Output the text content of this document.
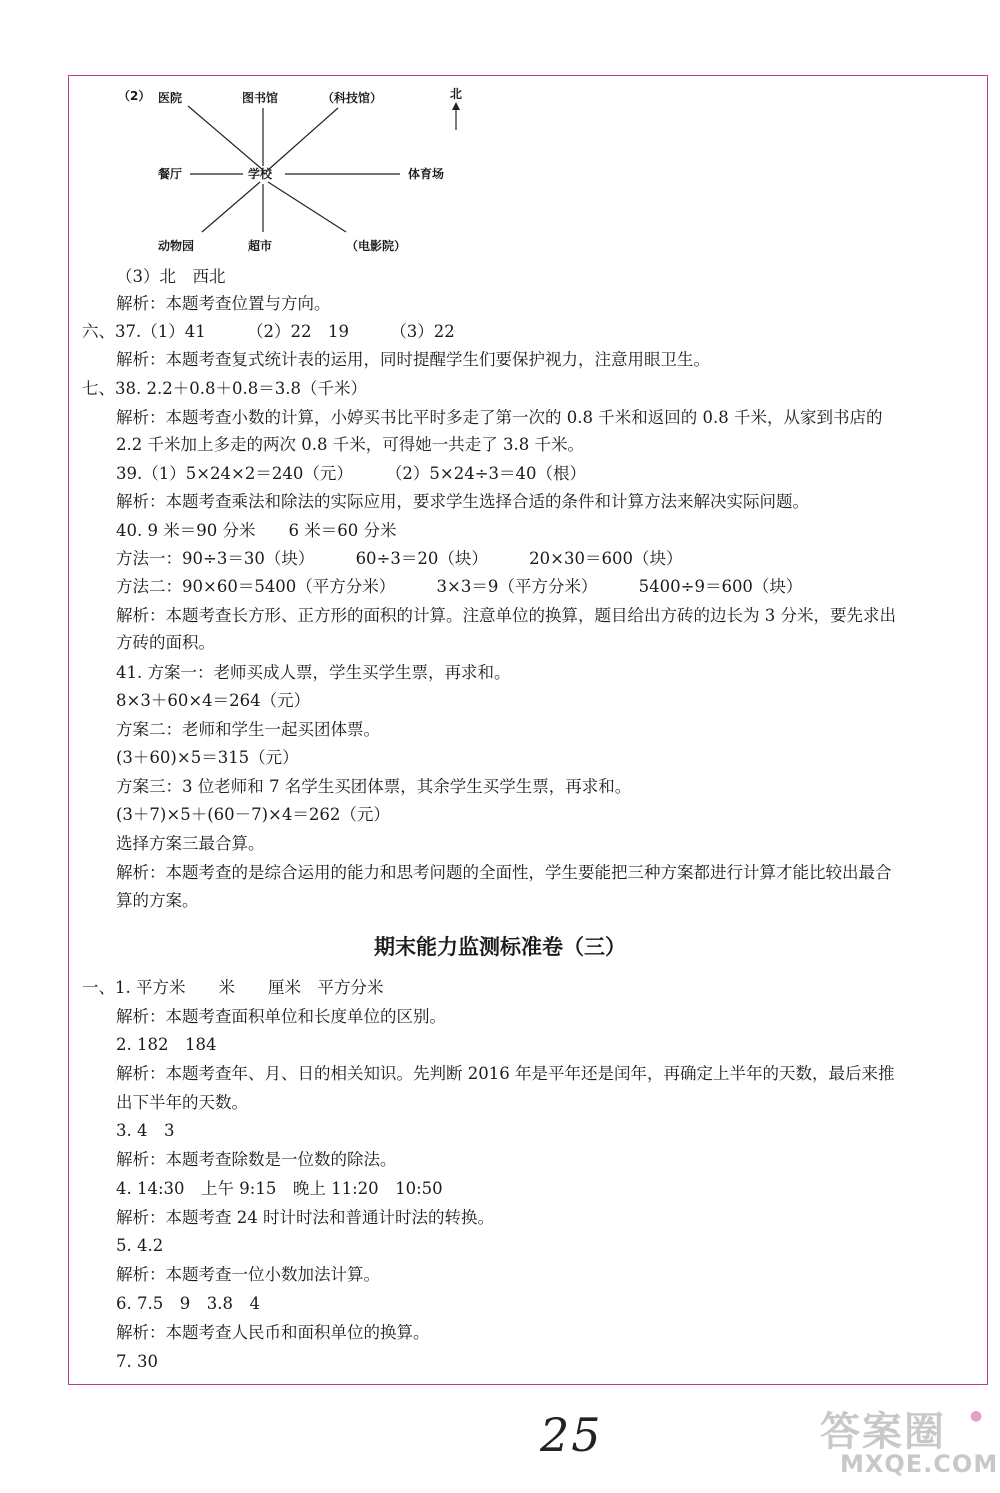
（2） 医院	图书馆	（科技馆）
餐厅	学校	体育场
动物园	超市	（电影院）
北
（3）北　西北
解析：本题考查位置与方向。
六、37.（1）41　　　（2）22　19　　　（3）22
解析：本题考查复式统计表的运用，同时提醒学生们要保护视力，注意用眼卫生。
七、38. 2.2＋0.8＋0.8＝3.8（千米）
解析：本题考查小数的计算，小婷买书比平时多走了第一次的 0.8 千米和返回的 0.8 千米，从家到书店的
2.2 千米加上多走的两次 0.8 千米，可得她一共走了 3.8 千米。
39.（1）5×24×2＝240（元）　　　（2）5×24÷3＝40（根）
解析：本题考查乘法和除法的实际应用，要求学生选择合适的条件和计算方法来解决实际问题。
40. 9 米＝90 分米　　6 米＝60 分米
方法一：90÷3＝30（块）　　　60÷3＝20（块）　　　20×30＝600（块）
方法二：90×60＝5400（平方分米）　　　3×3＝9（平方分米）　　　5400÷9＝600（块）
解析：本题考查长方形、正方形的面积的计算。注意单位的换算，题目给出方砖的边长为 3 分米，要先求出
方砖的面积。
41. 方案一：老师买成人票，学生买学生票，再求和。
8×3＋60×4＝264（元）
方案二：老师和学生一起买团体票。
(3＋60)×5＝315（元）
方案三：3 位老师和 7 名学生买团体票，其余学生买学生票，再求和。
(3＋7)×5＋(60－7)×4＝262（元）
选择方案三最合算。
解析：本题考查的是综合运用的能力和思考问题的全面性，学生要能把三种方案都进行计算才能比较出最合
算的方案。
期末能力监测标准卷（三）
一、1. 平方米　　米　　厘米　平方分米
解析：本题考查面积单位和长度单位的区别。
2. 182　184
解析：本题考查年、月、日的相关知识。先判断 2016 年是平年还是闰年，再确定上半年的天数，最后来推
出下半年的天数。
3. 4　3
解析：本题考查除数是一位数的除法。
4. 14:30　上午 9:15　晚上 11:20　10:50
解析：本题考查 24 时计时法和普通计时法的转换。
5. 4.2
解析：本题考查一位小数加法计算。
6. 7.5　9　3.8　4
解析：本题考查人民币和面积单位的换算。
7. 30
25	答案圈
MXQE.COM
●
